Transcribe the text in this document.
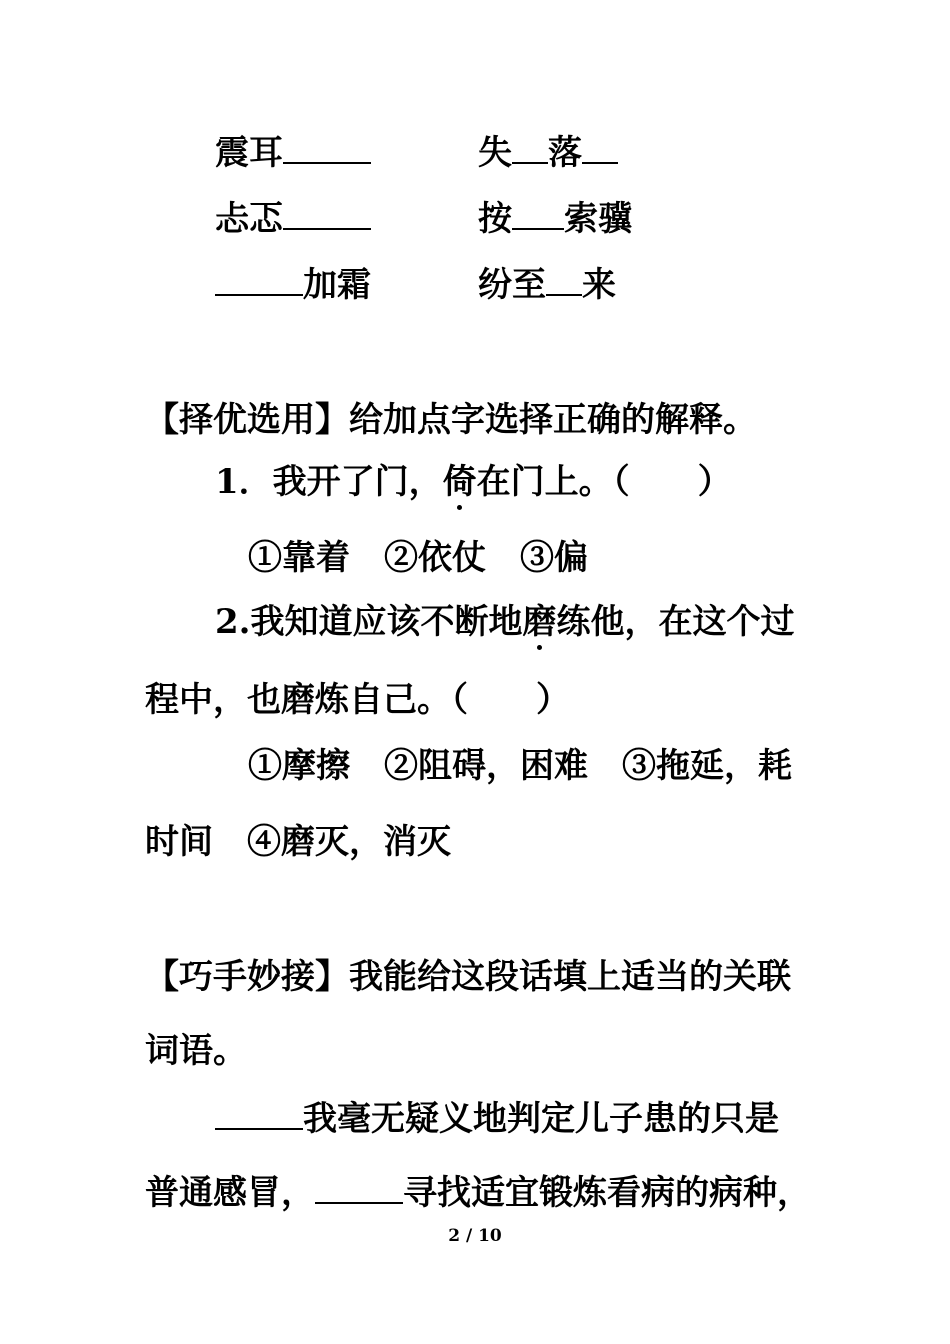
震耳	失 落
忐忑	按 索骥
加霜	纷至 来
【择优选用】给加点字选择正确的解释。
1．我开了门，倚在门上。（　　）
①靠着　②依仗　③偏
2.我知道应该不断地磨练他，在这个过
程中，也磨炼自己。（　　）
①摩擦　②阻碍，困难　③拖延，耗
时间　④磨灭，消灭
【巧手妙接】我能给这段话填上适当的关联
词语。
我毫无疑义地判定儿子患的只是
普通感冒，	寻找适宜锻炼看病的病种，
2 / 10
